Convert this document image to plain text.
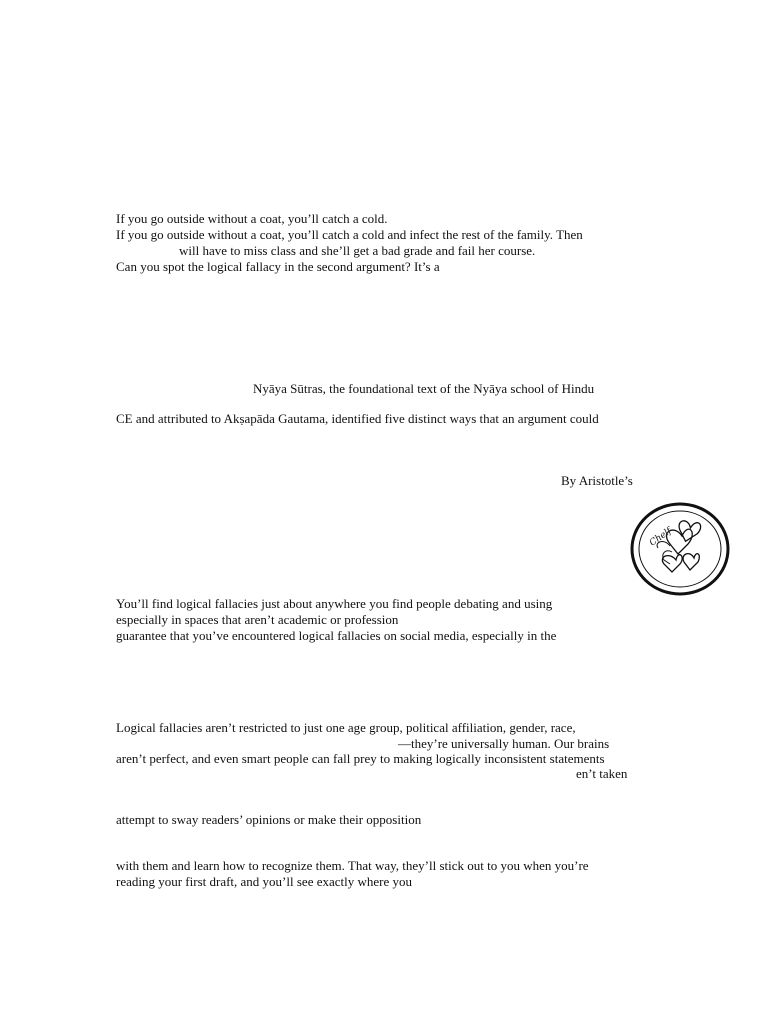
If you go outside without a coat, you’ll catch a cold.
If you go outside without a coat, you’ll catch a cold and infect the rest of the family. Then
will have to miss class and she’ll get a bad grade and fail her course.
Can you spot the logical fallacy in the second argument? It’s a
Nyāya Sūtras, the foundational text of the Nyāya school of Hindu
CE and attributed to Akṣapāda Gautama, identified five distinct ways that an argument could
By Aristotle’s
Chelf
You’ll find logical fallacies just about anywhere you find people debating and using
especially in spaces that aren’t academic or profession
guarantee that you’ve encountered logical fallacies on social media, especially in the
Logical fallacies aren’t restricted to just one age group, political affiliation, gender, race,
—they’re universally human. Our brains
aren’t perfect, and even smart people can fall prey to making logically inconsistent statements
en’t taken
attempt to sway readers’ opinions or make their opposition
with them and learn how to recognize them. That way, they’ll stick out to you when you’re
reading your first draft, and you’ll see exactly where you
